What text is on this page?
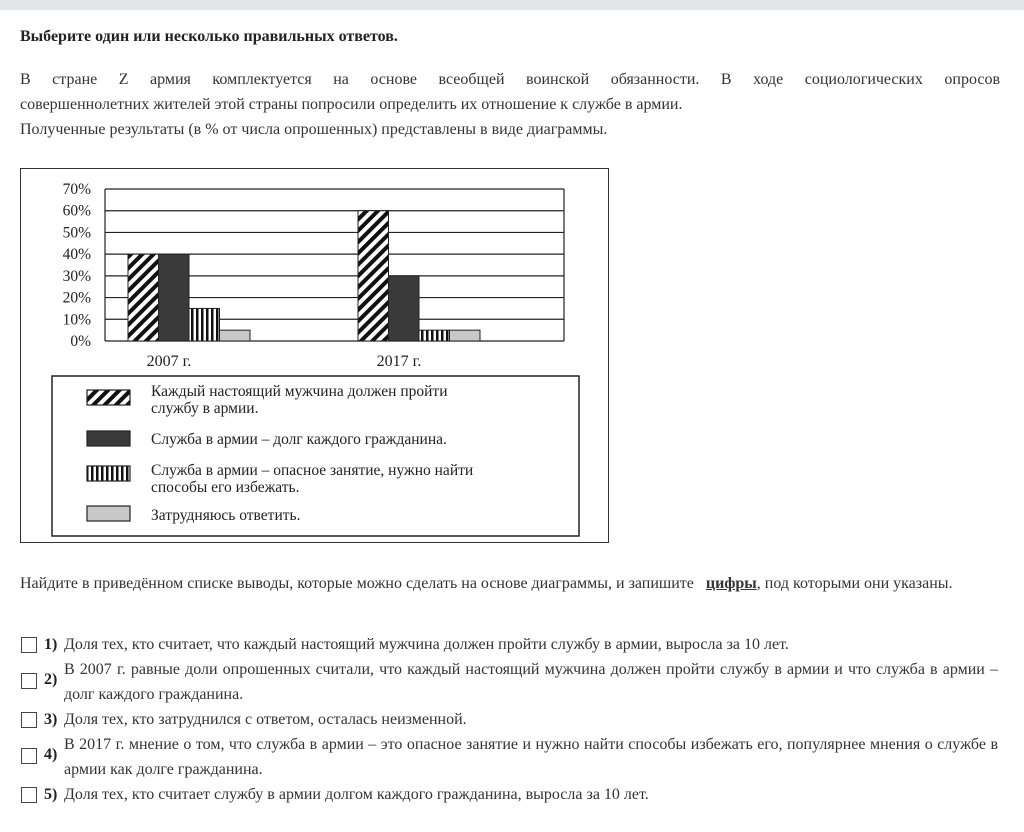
Выберите один или несколько правильных ответов.

В стране Z армия комплектуется на основе всеобщей воинской обязанности. В ходе социологических опросов

совершеннолетних жителей этой страны попросили определить их отношение к службе в армии.

Полученные результаты (в % от числа опрошенных) представлены в виде диаграммы.

0%
10%
20%
30%
40%
50%
60%
70%
2007 г.	2017 г.
Каждый настоящий мужчина должен пройти
службу в армии.
Служба в армии – долг каждого гражданина.
Служба в армии – опасное занятие, нужно найти
способы его избежать.
Затрудняюсь ответить.
Найдите в приведённом списке выводы, которые можно сделать на основе диаграммы, и запишите   цифры, под которыми они указаны.
1) Доля тех, кто считает, что каждый настоящий мужчина должен пройти службу в армии, выросла за 10 лет.
2)
В 2007 г. равные доли опрошенных считали, что каждый настоящий мужчина должен пройти службу в армии и что служба в армии – долг каждого гражданина.
3) Доля тех, кто затруднился с ответом, осталась неизменной.
4)
В 2017 г. мнение о том, что служба в армии – это опасное занятие и нужно найти способы избежать его, популярнее мнения о службе в армии как долге гражданина.
5) Доля тех, кто считает службу в армии долгом каждого гражданина, выросла за 10 лет.
